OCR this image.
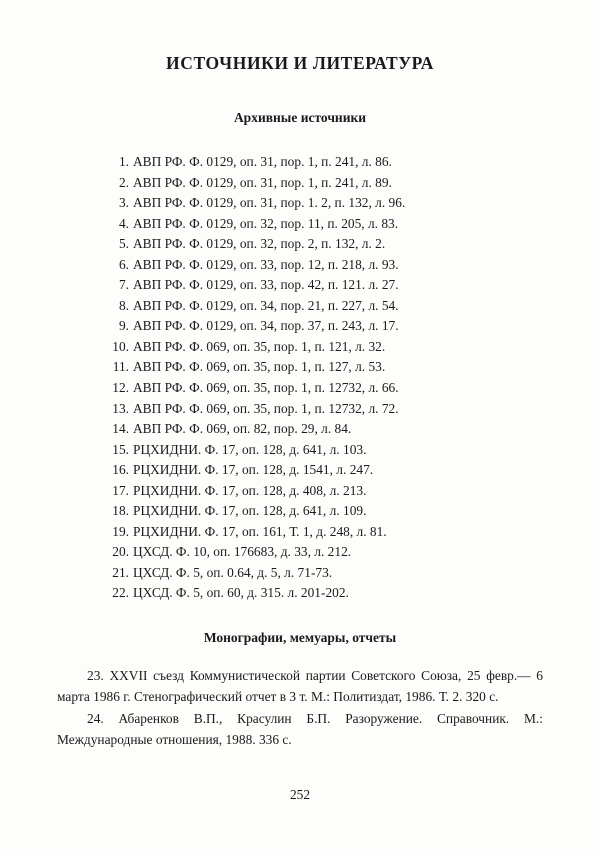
ИСТОЧНИКИ И ЛИТЕРАТУРА
Архивные источники
1. АВП РФ. Ф. 0129, оп. 31, пор. 1, п. 241, л. 86.
2. АВП РФ. Ф. 0129, оп. 31, пор. 1, п. 241, л. 89.
3. АВП РФ. Ф. 0129, оп. 31, пор. 1. 2, п. 132, л. 96.
4. АВП РФ. Ф. 0129, оп. 32, пор. 11, п. 205, л. 83.
5. АВП РФ. Ф. 0129, оп. 32, пор. 2, п. 132, л. 2.
6. АВП РФ. Ф. 0129, оп. 33, пор. 12, п. 218, л. 93.
7. АВП РФ. Ф. 0129, оп. 33, пор. 42, п. 121. л. 27.
8. АВП РФ. Ф. 0129, оп. 34, пор. 21, п. 227, л. 54.
9. АВП РФ. Ф. 0129, оп. 34, пор. 37, п. 243, л. 17.
10. АВП РФ. Ф. 069, оп. 35, пор. 1, п. 121, л. 32.
11. АВП РФ. Ф. 069, оп. 35, пор. 1, п. 127, л. 53.
12. АВП РФ. Ф. 069, оп. 35, пор. 1, п. 12732, л. 66.
13. АВП РФ. Ф. 069, оп. 35, пор. 1, п. 12732, л. 72.
14. АВП РФ. Ф. 069, оп. 82, пор. 29, л. 84.
15. РЦХИДНИ. Ф. 17, оп. 128, д. 641, л. 103.
16. РЦХИДНИ. Ф. 17, оп. 128, д. 1541, л. 247.
17. РЦХИДНИ. Ф. 17, оп. 128, д. 408, л. 213.
18. РЦХИДНИ. Ф. 17, оп. 128, д. 641, л. 109.
19. РЦХИДНИ. Ф. 17, оп. 161, Т. 1, д. 248, л. 81.
20. ЦХСД. Ф. 10, оп. 176683, д. 33, л. 212.
21. ЦХСД. Ф. 5, оп. 0.64, д. 5, л. 71-73.
22. ЦХСД. Ф. 5, оп. 60, д. 315. л. 201-202.
Монографии, мемуары, отчеты

23. XXVII съезд Коммунистической партии Советского Союза, 25 февр.— 6 марта 1986 г. Стенографический отчет в 3 т. М.: Политиздат, 1986. Т. 2. 320 с.

24. Абаренков В.П., Красулин Б.П. Разоружение. Справочник. М.: Международные отношения, 1988. 336 с.

252
